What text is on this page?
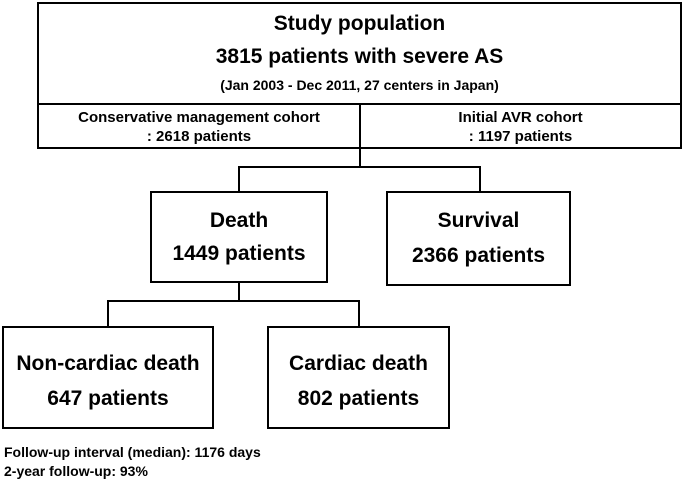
Study population
3815 patients with severe AS
(Jan 2003 - Dec 2011, 27 centers in Japan)
Conservative management cohort
: 2618 patients
Initial AVR cohort
: 1197 patients
Death
1449 patients
Survival
2366 patients
Non-cardiac death
647 patients
Cardiac death
802 patients
Follow-up interval (median): 1176 days
2-year follow-up: 93%
